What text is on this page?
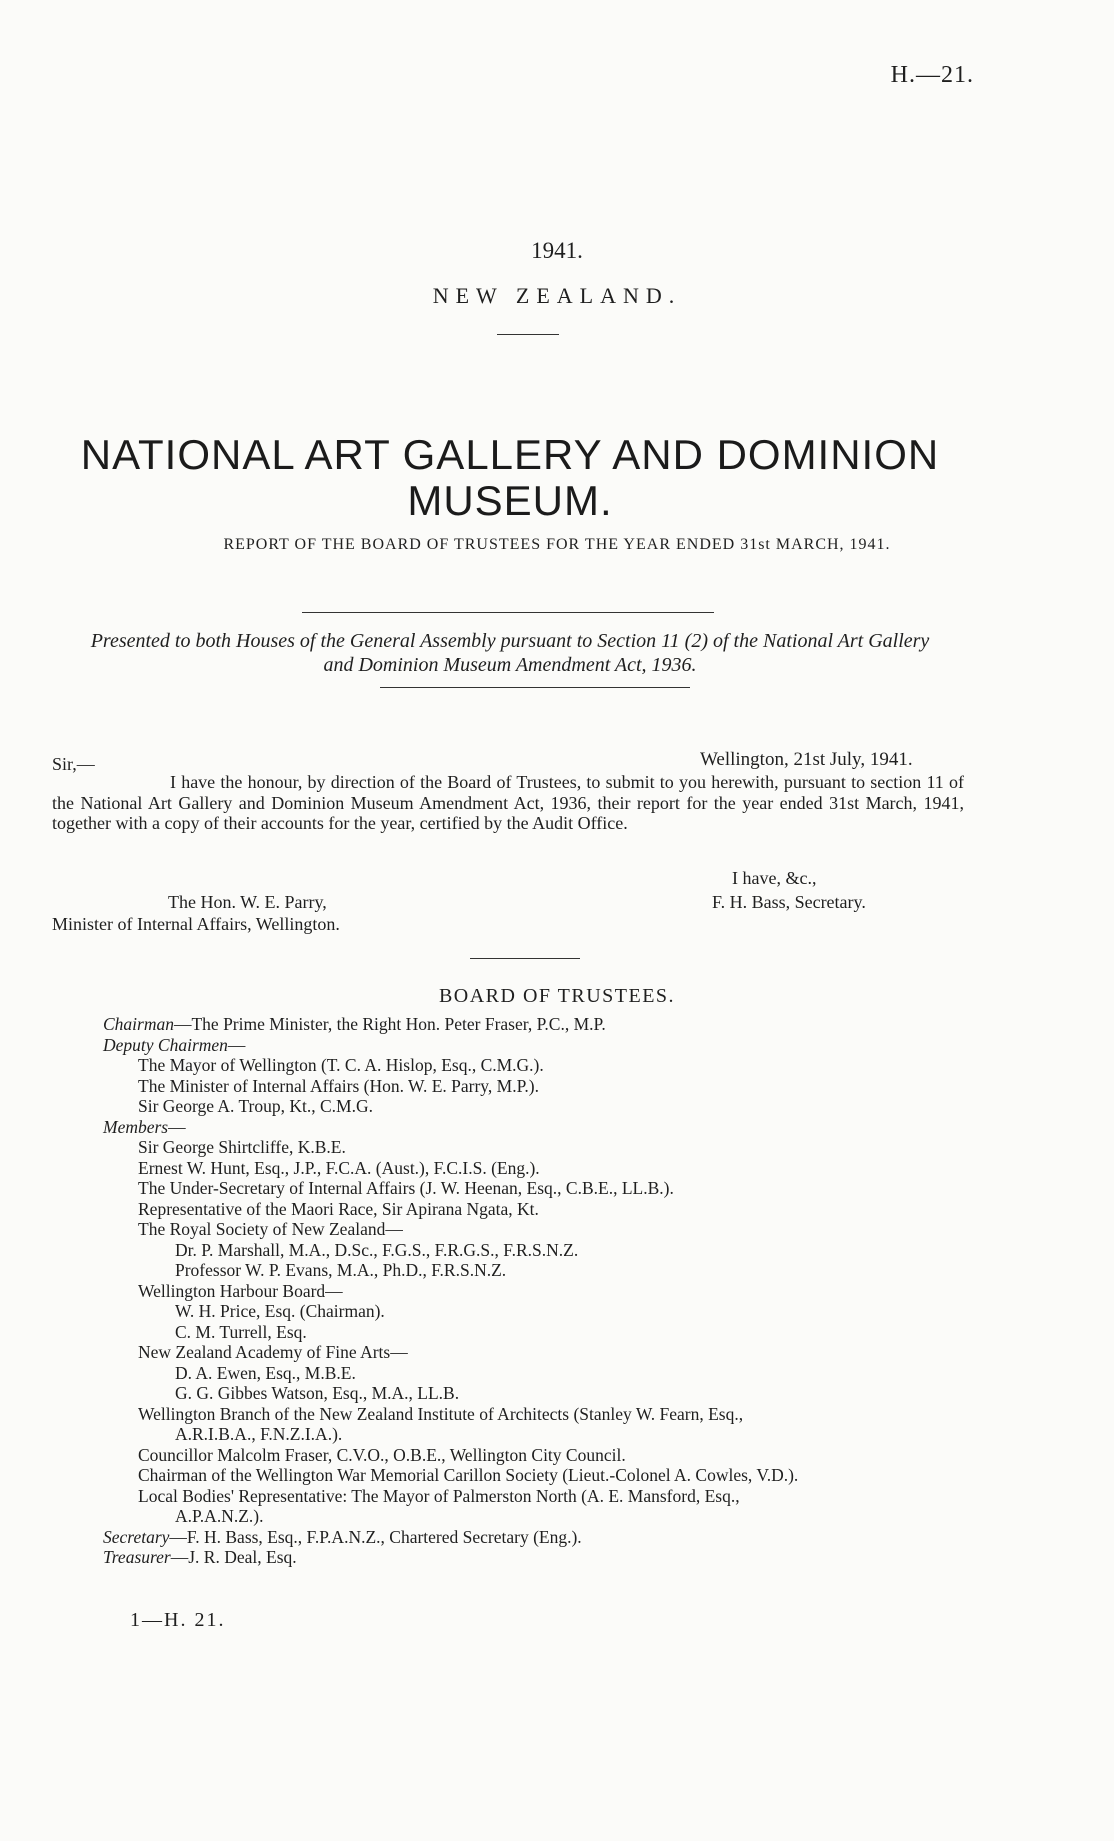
H.—21.
1941.
NEW ZEALAND.
NATIONAL ART GALLERY AND DOMINION
MUSEUM.
REPORT OF THE BOARD OF TRUSTEES FOR THE YEAR ENDED 31st MARCH, 1941.
Presented to both Houses of the General Assembly pursuant to Section 11 (2) of the National Art Gallery
and Dominion Museum Amendment Act, 1936.
Sir,—	Wellington, 21st July, 1941.
I have the honour, by direction of the Board of Trustees, to submit to you herewith, pursuant to section 11 of the National Art Gallery and Dominion Museum Amendment Act, 1936, their report for the year ended 31st March, 1941, together with a copy of their accounts for the year, certified by the Audit Office.
I have, &c.,
F. H. Bass, Secretary.
The Hon. W. E. Parry,
Minister of Internal Affairs, Wellington.
BOARD OF TRUSTEES.
Chairman—The Prime Minister, the Right Hon. Peter Fraser, P.C., M.P.
Deputy Chairmen—
The Mayor of Wellington (T. C. A. Hislop, Esq., C.M.G.).
The Minister of Internal Affairs (Hon. W. E. Parry, M.P.).
Sir George A. Troup, Kt., C.M.G.
Members—
Sir George Shirtcliffe, K.B.E.
Ernest W. Hunt, Esq., J.P., F.C.A. (Aust.), F.C.I.S. (Eng.).
The Under-Secretary of Internal Affairs (J. W. Heenan, Esq., C.B.E., LL.B.).
Representative of the Maori Race, Sir Apirana Ngata, Kt.
The Royal Society of New Zealand—
Dr. P. Marshall, M.A., D.Sc., F.G.S., F.R.G.S., F.R.S.N.Z.
Professor W. P. Evans, M.A., Ph.D., F.R.S.N.Z.
Wellington Harbour Board—
W. H. Price, Esq. (Chairman).
C. M. Turrell, Esq.
New Zealand Academy of Fine Arts—
D. A. Ewen, Esq., M.B.E.
G. G. Gibbes Watson, Esq., M.A., LL.B.
Wellington Branch of the New Zealand Institute of Architects (Stanley W. Fearn, Esq.,
A.R.I.B.A., F.N.Z.I.A.).
Councillor Malcolm Fraser, C.V.O., O.B.E., Wellington City Council.
Chairman of the Wellington War Memorial Carillon Society (Lieut.-Colonel A. Cowles, V.D.).
Local Bodies' Representative: The Mayor of Palmerston North (A. E. Mansford, Esq.,
A.P.A.N.Z.).
Secretary—F. H. Bass, Esq., F.P.A.N.Z., Chartered Secretary (Eng.).
Treasurer—J. R. Deal, Esq.
1—H. 21.
